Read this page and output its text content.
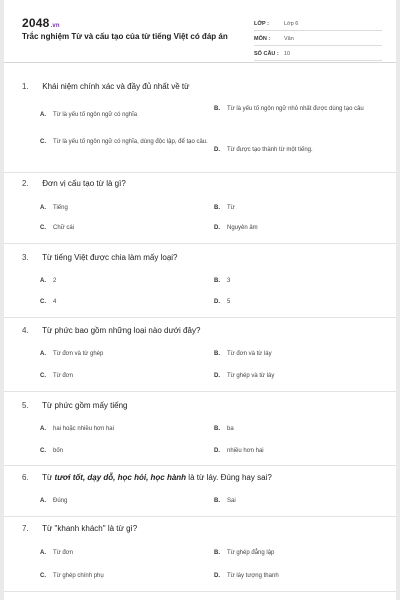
2048.vn
Trắc nghiệm Từ và cấu tạo của từ tiếng Việt có đáp án
LỚP :	Lớp 6
MÔN :	Văn
SỐ CÂU : 10
1. Khái niệm chính xác và đầy đủ nhất về từ
A.	Từ là yếu tố ngôn ngữ có nghĩa
B.	Từ là yếu tố ngôn ngữ nhỏ nhất được dùng tạo câu
C.	Từ là yếu tố ngôn ngữ có nghĩa, dùng độc lập, để tạo câu.
D.	Từ được tạo thành từ một tiếng.
2. Đơn vị cấu tạo từ là gì?
A.	Tiếng	B.	Từ
C.	Chữ cái	D.	Nguyên âm
3. Từ tiếng Việt được chia làm mấy loại?
A.	2	B.	3
C.	4	D.	5
4. Từ phức bao gồm những loại nào dưới đây?
A.	Từ đơn và từ ghép	B.	Từ đơn và từ láy
C.	Từ đơn	D.	Từ ghép và từ láy
5. Từ phức gồm mấy tiếng
A.	hai hoặc nhiều hơn hai	B.	ba
C.	bốn	D.	nhiều hơn hai
6. Từ tươi tốt, dạy dỗ, học hỏi, học hành là từ láy. Đúng hay sai?
A.	Đúng	B.	Sai
7. Từ "khanh khách" là từ gì?
A.	Từ đơn	B.	Từ ghép đẳng lập
C.	Từ ghép chính phụ	D.	Từ láy tượng thanh
